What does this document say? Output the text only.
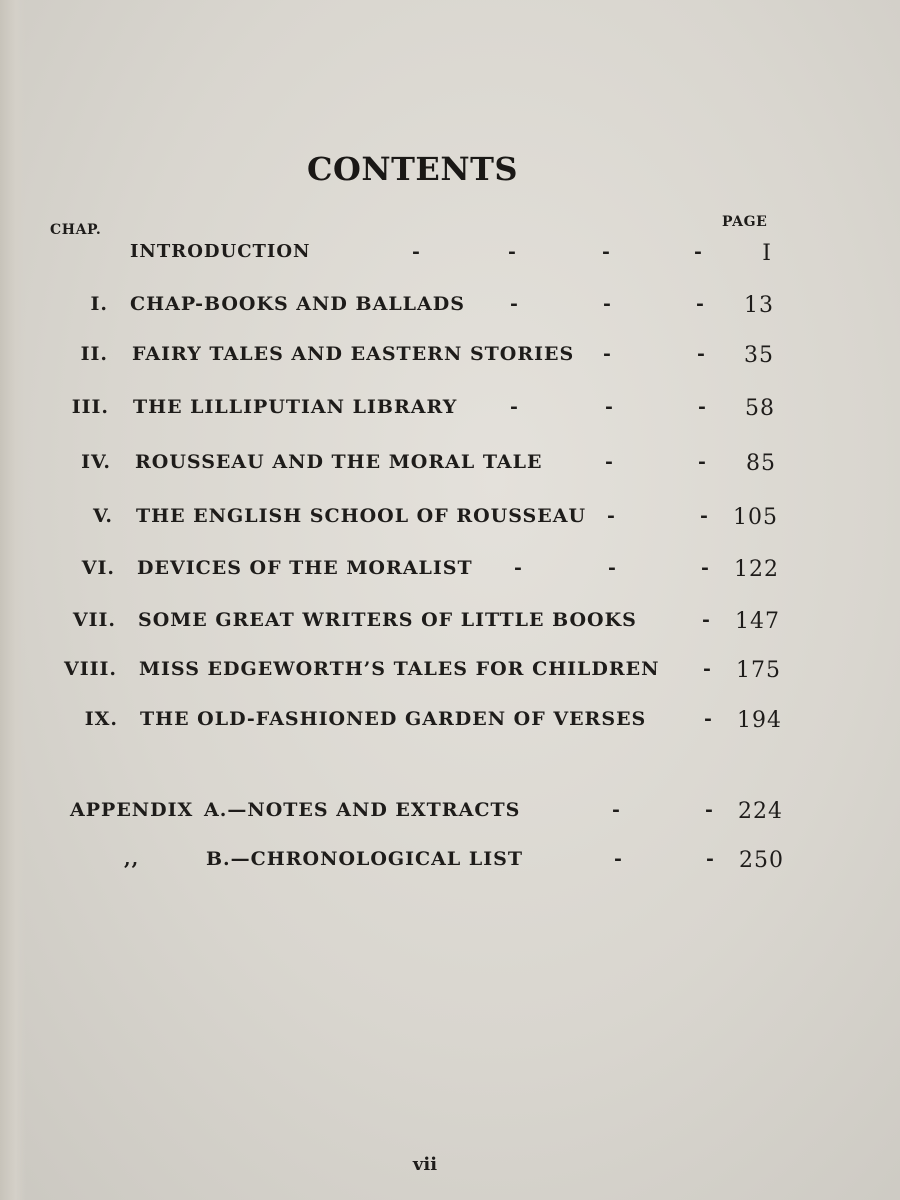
CONTENTS
CHAP.	PAGE
INTRODUCTION	-	-	-	-	I
I. CHAP-BOOKS AND BALLADS -	-	-	13
II. FAIRY TALES AND EASTERN STORIES -	-	35
III. THE LILLIPUTIAN LIBRARY	-	-	-	58
IV. ROUSSEAU AND THE MORAL TALE	-	-	85
V. THE ENGLISH SCHOOL OF ROUSSEAU -	-	105
VI. DEVICES OF THE MORALIST -	-	-	122
VII. SOME GREAT WRITERS OF LITTLE BOOKS	-	147
VIII. MISS EDGEWORTH’S TALES FOR CHILDREN -	175
IX. THE OLD-FASHIONED GARDEN OF VERSES	-	194
APPENDIX A.—NOTES AND EXTRACTS	-	-	224
,,	B.—CHRONOLOGICAL LIST	-	-	250
vii
